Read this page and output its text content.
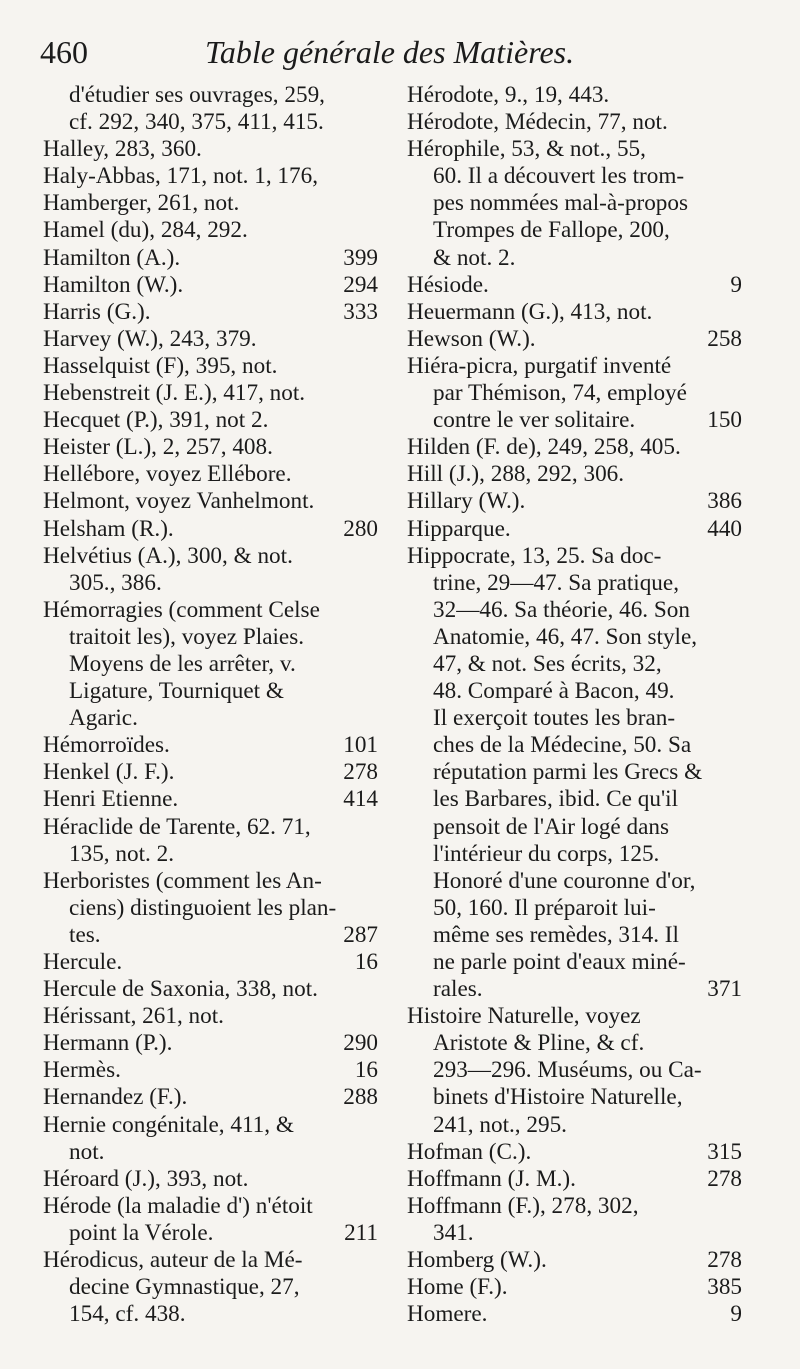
460	Table générale des Matières.
d'étudier ses ouvrages, 259,
cf. 292, 340, 375, 411, 415.
Halley, 283, 360.
Haly-Abbas, 171, not. 1, 176,
Hamberger, 261, not.
Hamel (du), 284, 292.
Hamilton (A.).	399
Hamilton (W.).	294
Harris (G.).	333
Harvey (W.), 243, 379.
Hasselquist (F), 395, not.
Hebenstreit (J. E.), 417, not.
Hecquet (P.), 391, not 2.
Heister (L.), 2, 257, 408.
Hellébore, voyez Ellébore.
Helmont, voyez Vanhelmont.
Helsham (R.).	280
Helvétius (A.), 300, & not.
305., 386.
Hémorragies (comment Celse
traitoit les), voyez Plaies.
Moyens de les arrêter, v.
Ligature, Tourniquet &
Agaric.
Hémorroïdes.	101
Henkel (J. F.).	278
Henri Etienne.	414
Héraclide de Tarente, 62. 71,
135, not. 2.
Herboristes (comment les An-
ciens) distinguoient les plan-
tes.	287
Hercule.	16
Hercule de Saxonia, 338, not.
Hérissant, 261, not.
Hermann (P.).	290
Hermès.	16
Hernandez (F.).	288
Hernie congénitale, 411, &
not.
Héroard (J.), 393, not.
Hérode (la maladie d') n'étoit
point la Vérole.	211
Hérodicus, auteur de la Mé-
decine Gymnastique, 27,
154, cf. 438.
Hérodote, 9., 19, 443.
Hérodote, Médecin, 77, not.
Hérophile, 53, & not., 55,
60. Il a découvert les trom-
pes nommées mal-à-propos
Trompes de Fallope, 200,
& not. 2.
Hésiode.	9
Heuermann (G.), 413, not.
Hewson (W.).	258
Hiéra-picra, purgatif inventé
par Thémison, 74, employé
contre le ver solitaire.	150
Hilden (F. de), 249, 258, 405.
Hill (J.), 288, 292, 306.
Hillary (W.).	386
Hipparque.	440
Hippocrate, 13, 25. Sa doc-
trine, 29—47. Sa pratique,
32—46. Sa théorie, 46. Son
Anatomie, 46, 47. Son style,
47, & not. Ses écrits, 32,
48. Comparé à Bacon, 49.
Il exerçoit toutes les bran-
ches de la Médecine, 50. Sa
réputation parmi les Grecs &
les Barbares, ibid. Ce qu'il
pensoit de l'Air logé dans
l'intérieur du corps, 125.
Honoré d'une couronne d'or,
50, 160. Il préparoit lui-
même ses remèdes, 314. Il
ne parle point d'eaux miné-
rales.	371
Histoire Naturelle, voyez
Aristote & Pline, & cf.
293—296. Muséums, ou Ca-
binets d'Histoire Naturelle,
241, not., 295.
Hofman (C.).	315
Hoffmann (J. M.).	278
Hoffmann (F.), 278, 302,
341.
Homberg (W.).	278
Home (F.).	385
Homere.	9
